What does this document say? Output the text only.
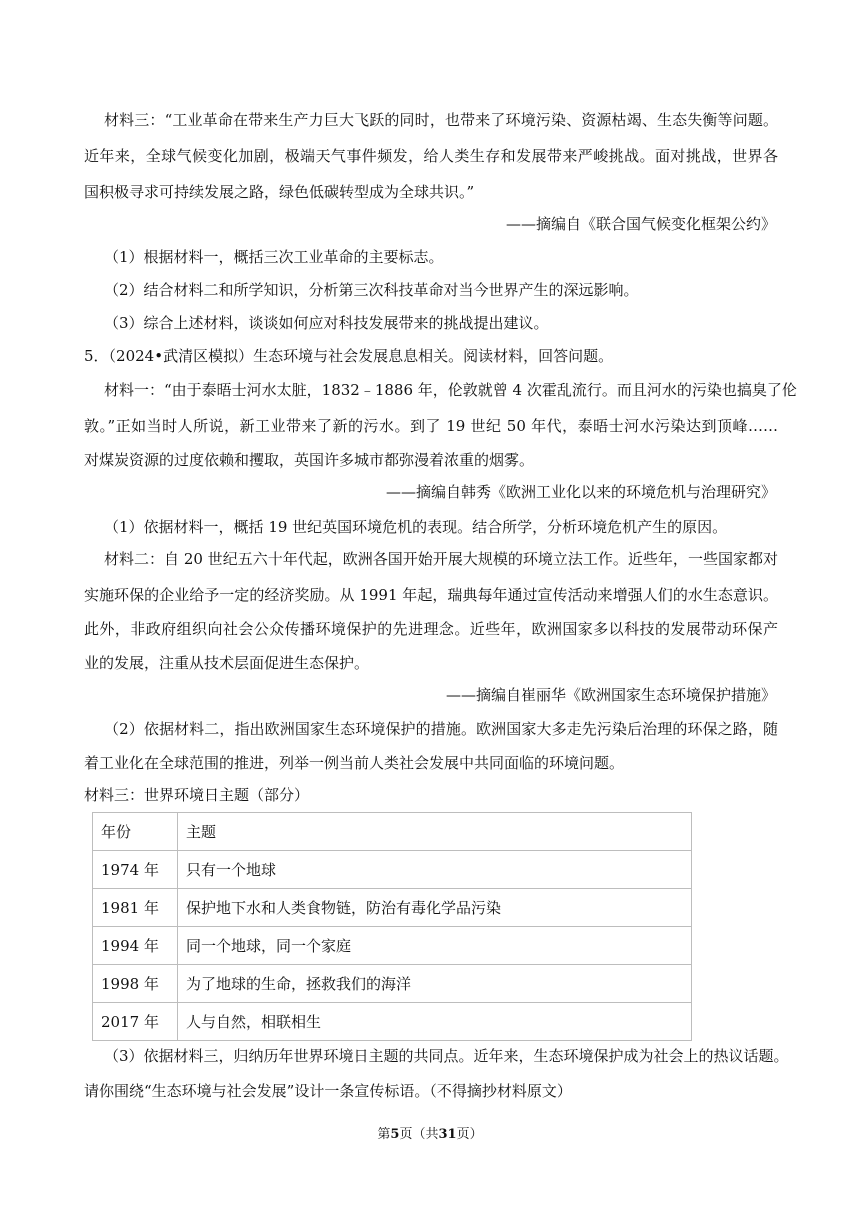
材料三：“工业革命在带来生产力巨大飞跃的同时，也带来了环境污染、资源枯竭、生态失衡等问题。
近年来，全球气候变化加剧，极端天气事件频发，给人类生存和发展带来严峻挑战。面对挑战，世界各
国积极寻求可持续发展之路，绿色低碳转型成为全球共识。”
——摘编自《联合国气候变化框架公约》
（1）根据材料一，概括三次工业革命的主要标志。
（2）结合材料二和所学知识，分析第三次科技革命对当今世界产生的深远影响。
（3）综合上述材料，谈谈如何应对科技发展带来的挑战提出建议。
5．（2024•武清区模拟）生态环境与社会发展息息相关。阅读材料，回答问题。
材料一：“由于泰晤士河水太脏，1832﹣1886 年，伦敦就曾 4 次霍乱流行。而且河水的污染也搞臭了伦
敦。”正如当时人所说，新工业带来了新的污水。到了 19 世纪 50 年代，泰晤士河水污染达到顶峰……
对煤炭资源的过度依赖和攫取，英国许多城市都弥漫着浓重的烟雾。
——摘编自韩秀《欧洲工业化以来的环境危机与治理研究》
（1）依据材料一，概括 19 世纪英国环境危机的表现。结合所学，分析环境危机产生的原因。
材料二：自 20 世纪五六十年代起，欧洲各国开始开展大规模的环境立法工作。近些年，一些国家都对
实施环保的企业给予一定的经济奖励。从 1991 年起，瑞典每年通过宣传活动来增强人们的水生态意识。
此外，非政府组织向社会公众传播环境保护的先进理念。近些年，欧洲国家多以科技的发展带动环保产
业的发展，注重从技术层面促进生态保护。
——摘编自崔丽华《欧洲国家生态环境保护措施》
（2）依据材料二，指出欧洲国家生态环境保护的措施。欧洲国家大多走先污染后治理的环保之路，随
着工业化在全球范围的推进，列举一例当前人类社会发展中共同面临的环境问题。
材料三：世界环境日主题（部分）
年份	主题
1974 年	只有一个地球
1981 年	保护地下水和人类食物链，防治有毒化学品污染
1994 年	同一个地球，同一个家庭
1998 年	为了地球的生命，拯救我们的海洋
2017 年	人与自然，相联相生
（3）依据材料三，归纳历年世界环境日主题的共同点。近年来，生态环境保护成为社会上的热议话题。
请你围绕“生态环境与社会发展”设计一条宣传标语。（不得摘抄材料原文）
第5页（共31页）
